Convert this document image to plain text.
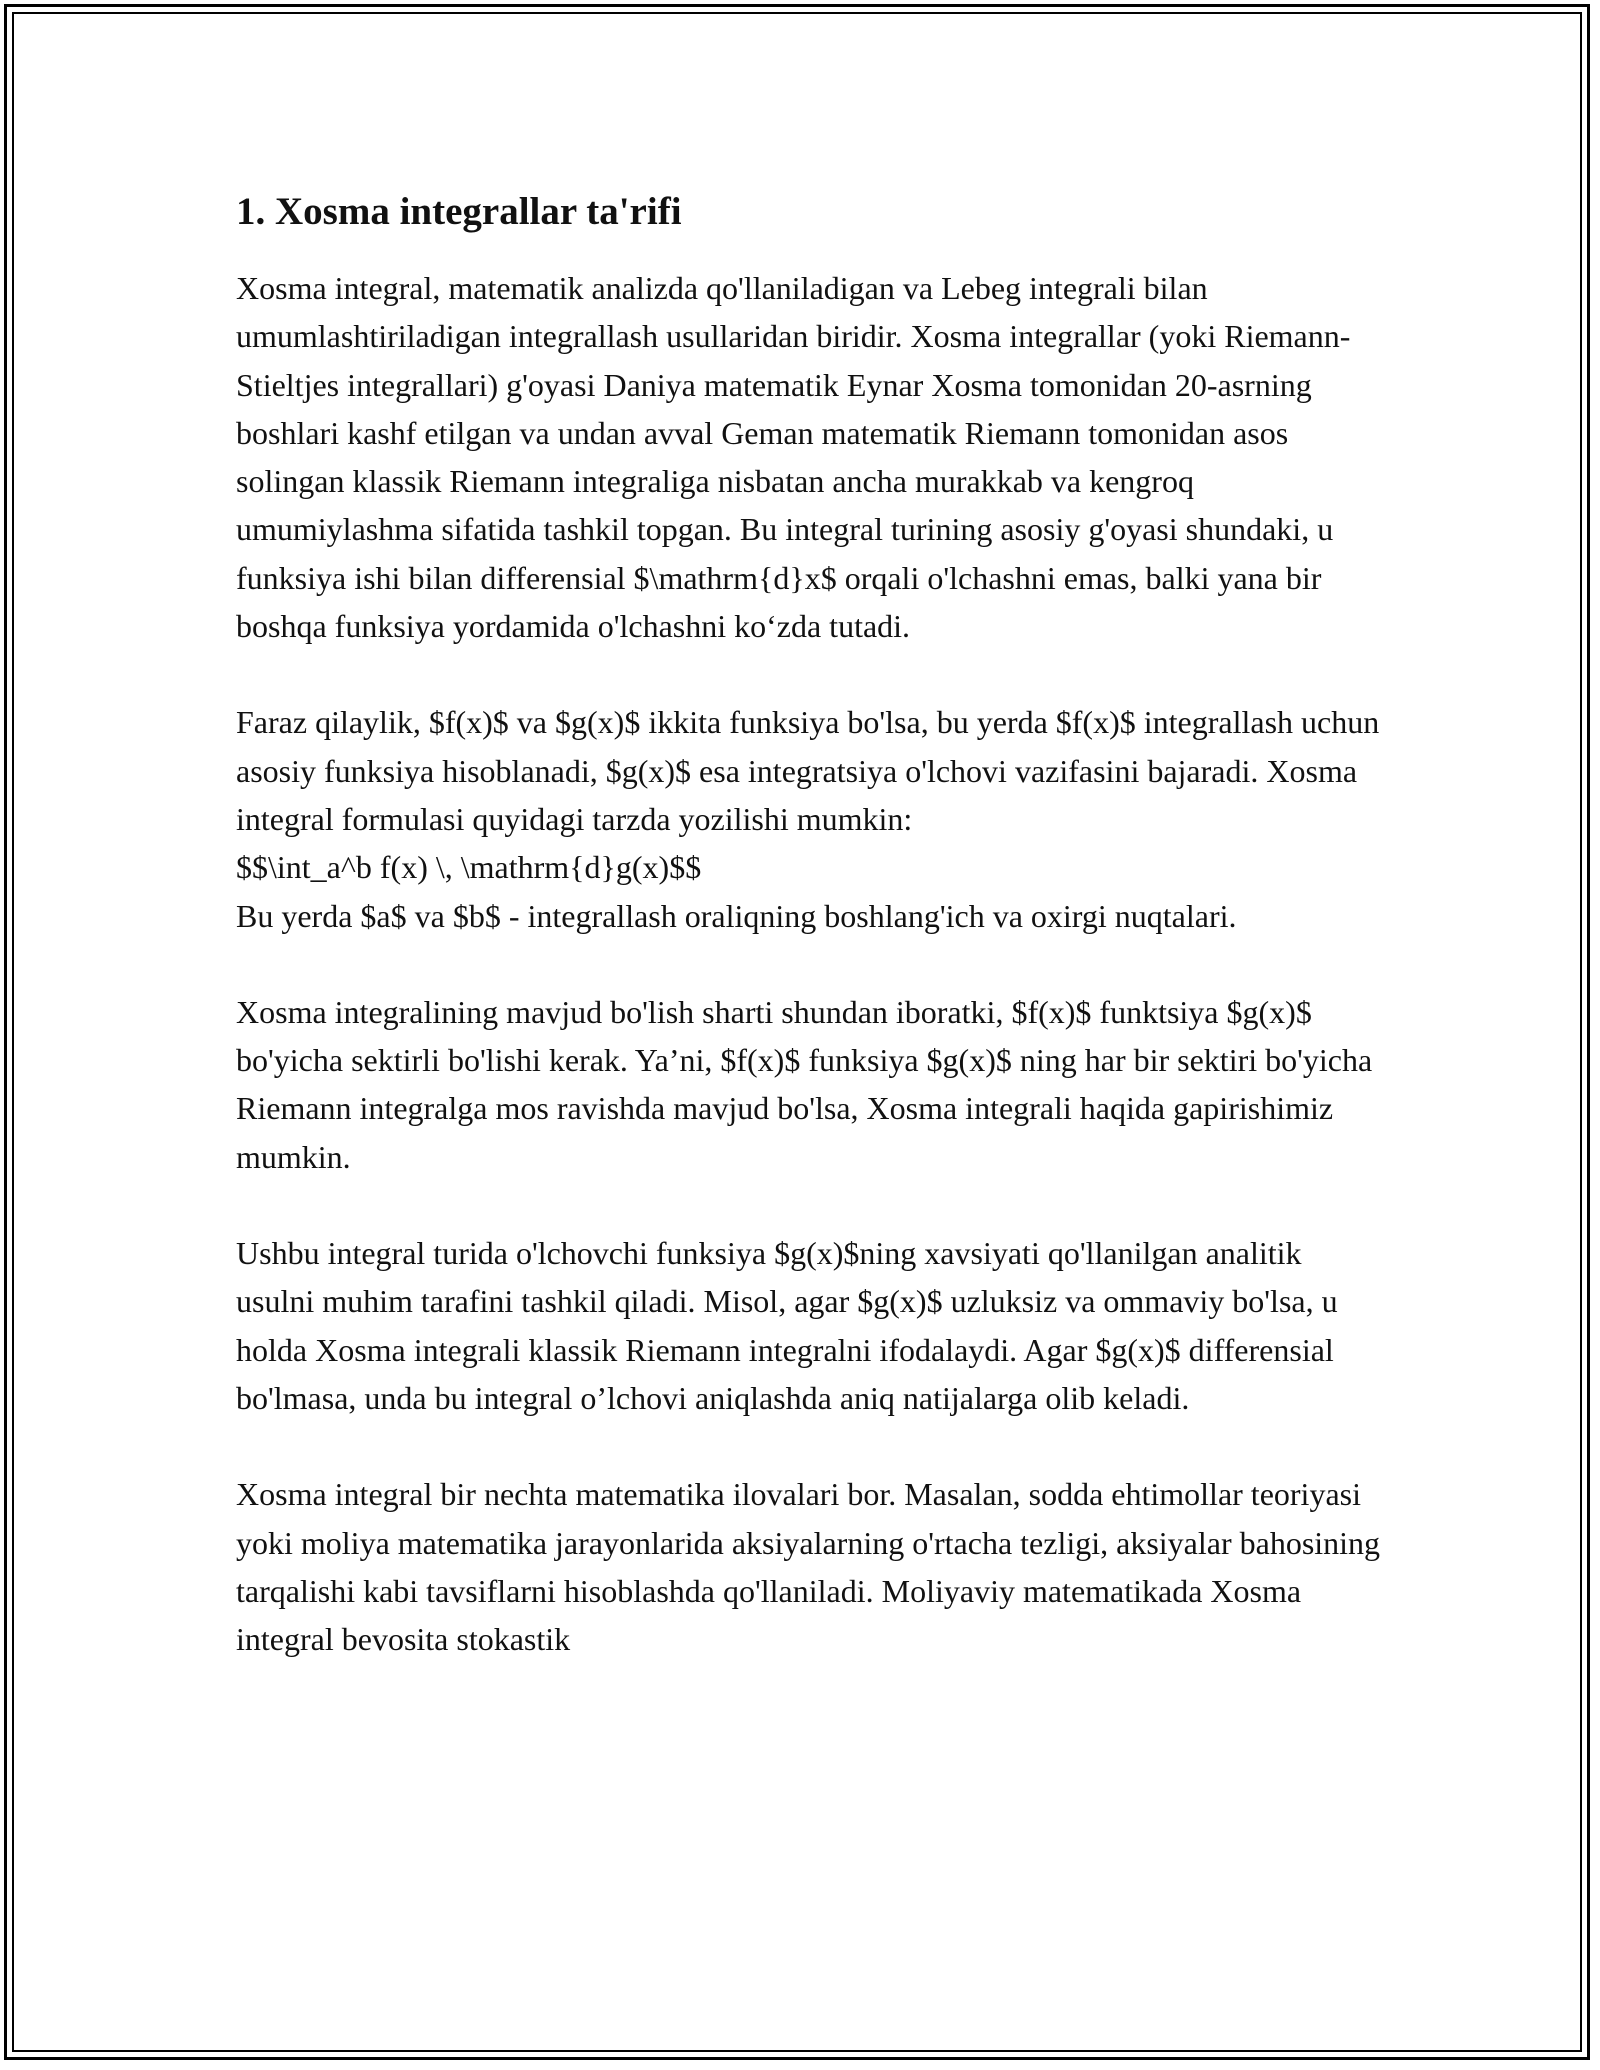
1. Xosma integrallar ta'rifi

Xosma integral, matematik analizda qo'llaniladigan va Lebeg integrali bilan umumlashtiriladigan integrallash usullaridan biridir. Xosma integrallar (yoki Riemann-Stieltjes integrallari) g'oyasi Daniya matematik Eynar Xosma tomonidan 20-asrning boshlari kashf etilgan va undan avval Geman matematik Riemann tomonidan asos solingan klassik Riemann integraliga nisbatan ancha murakkab va kengroq umumiylashma sifatida tashkil topgan. Bu integral turining asosiy g'oyasi shundaki, u funksiya ishi bilan differensial $\mathrm{d}x$ orqali o'lchashni emas, balki yana bir boshqa funksiya yordamida o'lchashni ko‘zda tutadi.

Faraz qilaylik, $f(x)$ va $g(x)$ ikkita funksiya bo'lsa, bu yerda $f(x)$ integrallash uchun asosiy funksiya hisoblanadi, $g(x)$ esa integratsiya o'lchovi vazifasini bajaradi. Xosma integral formulasi quyidagi tarzda yozilishi mumkin:
$$\int_a^b f(x) \, \mathrm{d}g(x)$$
Bu yerda $a$ va $b$ - integrallash oraliqning boshlang'ich va oxirgi nuqtalari.

Xosma integralining mavjud bo'lish sharti shundan iboratki, $f(x)$ funktsiya $g(x)$ bo'yicha sektirli bo'lishi kerak. Ya’ni, $f(x)$ funksiya $g(x)$ ning har bir sektiri bo'yicha Riemann integralga mos ravishda mavjud bo'lsa, Xosma integrali haqida gapirishimiz mumkin.

Ushbu integral turida o'lchovchi funksiya $g(x)$ning xavsiyati qo'llanilgan analitik usulni muhim tarafini tashkil qiladi. Misol, agar $g(x)$ uzluksiz va ommaviy bo'lsa, u holda Xosma integrali klassik Riemann integralni ifodalaydi. Agar $g(x)$ differensial bo'lmasa, unda bu integral o’lchovi aniqlashda aniq natijalarga olib keladi.

Xosma integral bir nechta matematika ilovalari bor. Masalan, sodda ehtimollar teoriyasi yoki moliya matematika jarayonlarida aksiyalarning o'rtacha tezligi, aksiyalar bahosining tarqalishi kabi tavsiflarni hisoblashda qo'llaniladi. Moliyaviy matematikada Xosma integral bevosita stokastik
